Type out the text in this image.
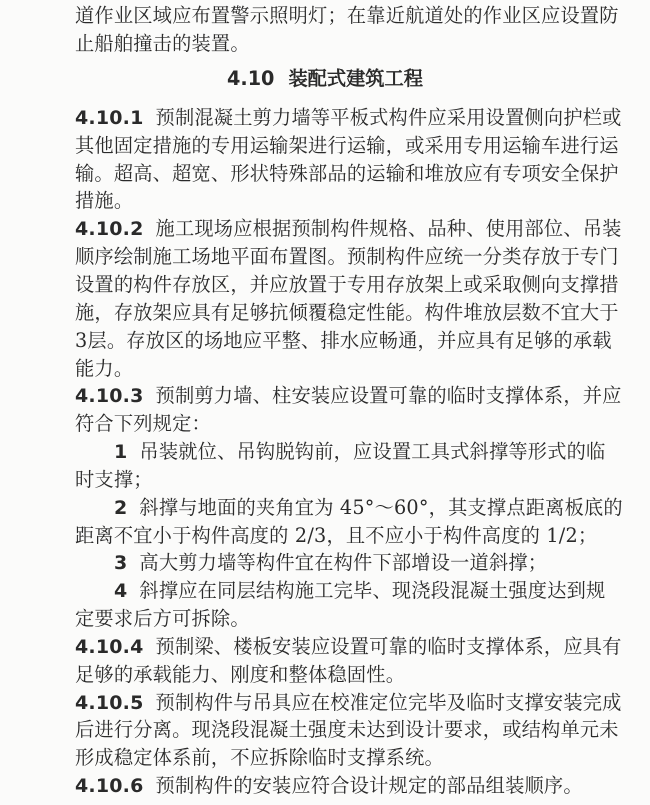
道作业区域应布置警示照明灯；在靠近航道处的作业区应设置防
止船舶撞击的装置。
4.10 装配式建筑工程
4.10.1 预制混凝土剪力墙等平板式构件应采用设置侧向护栏或
其他固定措施的专用运输架进行运输，或采用专用运输车进行运
输。超高、超宽、形状特殊部品的运输和堆放应有专项安全保护
措施。
4.10.2 施工现场应根据预制构件规格、品种、使用部位、吊装
顺序绘制施工场地平面布置图。预制构件应统一分类存放于专门
设置的构件存放区，并应放置于专用存放架上或采取侧向支撑措
施，存放架应具有足够抗倾覆稳定性能。构件堆放层数不宜大于
3层。存放区的场地应平整、排水应畅通，并应具有足够的承载
能力。
4.10.3 预制剪力墙、柱安装应设置可靠的临时支撑体系，并应
符合下列规定：
1 吊装就位、吊钩脱钩前，应设置工具式斜撑等形式的临
时支撑；
2 斜撑与地面的夹角宜为 45°～60°，其支撑点距离板底的
距离不宜小于构件高度的 2/3，且不应小于构件高度的 1/2；
3 高大剪力墙等构件宜在构件下部增设一道斜撑；
4 斜撑应在同层结构施工完毕、现浇段混凝土强度达到规
定要求后方可拆除。
4.10.4 预制梁、楼板安装应设置可靠的临时支撑体系，应具有
足够的承载能力、刚度和整体稳固性。
4.10.5 预制构件与吊具应在校准定位完毕及临时支撑安装完成
后进行分离。现浇段混凝土强度未达到设计要求，或结构单元未
形成稳定体系前，不应拆除临时支撑系统。
4.10.6 预制构件的安装应符合设计规定的部品组装顺序。
